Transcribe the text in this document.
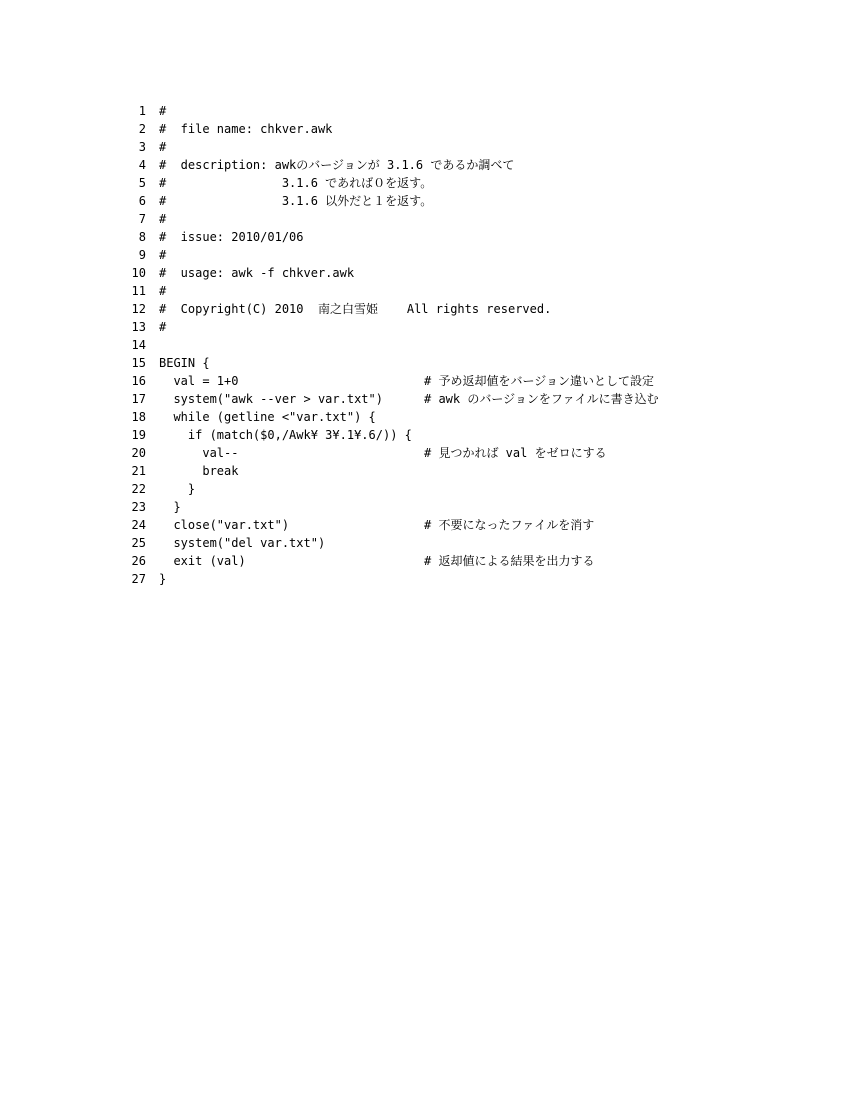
1 #
2 #  file name: chkver.awk
3 #
4 #  description: awkのバージョンが 3.1.6 であるか調べて
5 #                3.1.6 であれば０を返す。
6 #                3.1.6 以外だと１を返す。
7 #
8 #  issue: 2010/01/06
9 #
10 #  usage: awk -f chkver.awk
11 #
12 #  Copyright(C) 2010  南之白雪姫    All rights reserved.
13 #
14
15 BEGIN {
16 val = 1+0	# 予め返却値をバージョン違いとして設定
17 system("awk --ver > var.txt")	# awk のバージョンをファイルに書き込む
18 while (getline <"var.txt") {
19 if (match($0,/Awk¥ 3¥.1¥.6/)) {
20 val--	# 見つかれば val をゼロにする
21 break
22 }
23 }
24 close("var.txt")	# 不要になったファイルを消す
25 system("del var.txt")
26 exit (val)	# 返却値による結果を出力する
27 }
